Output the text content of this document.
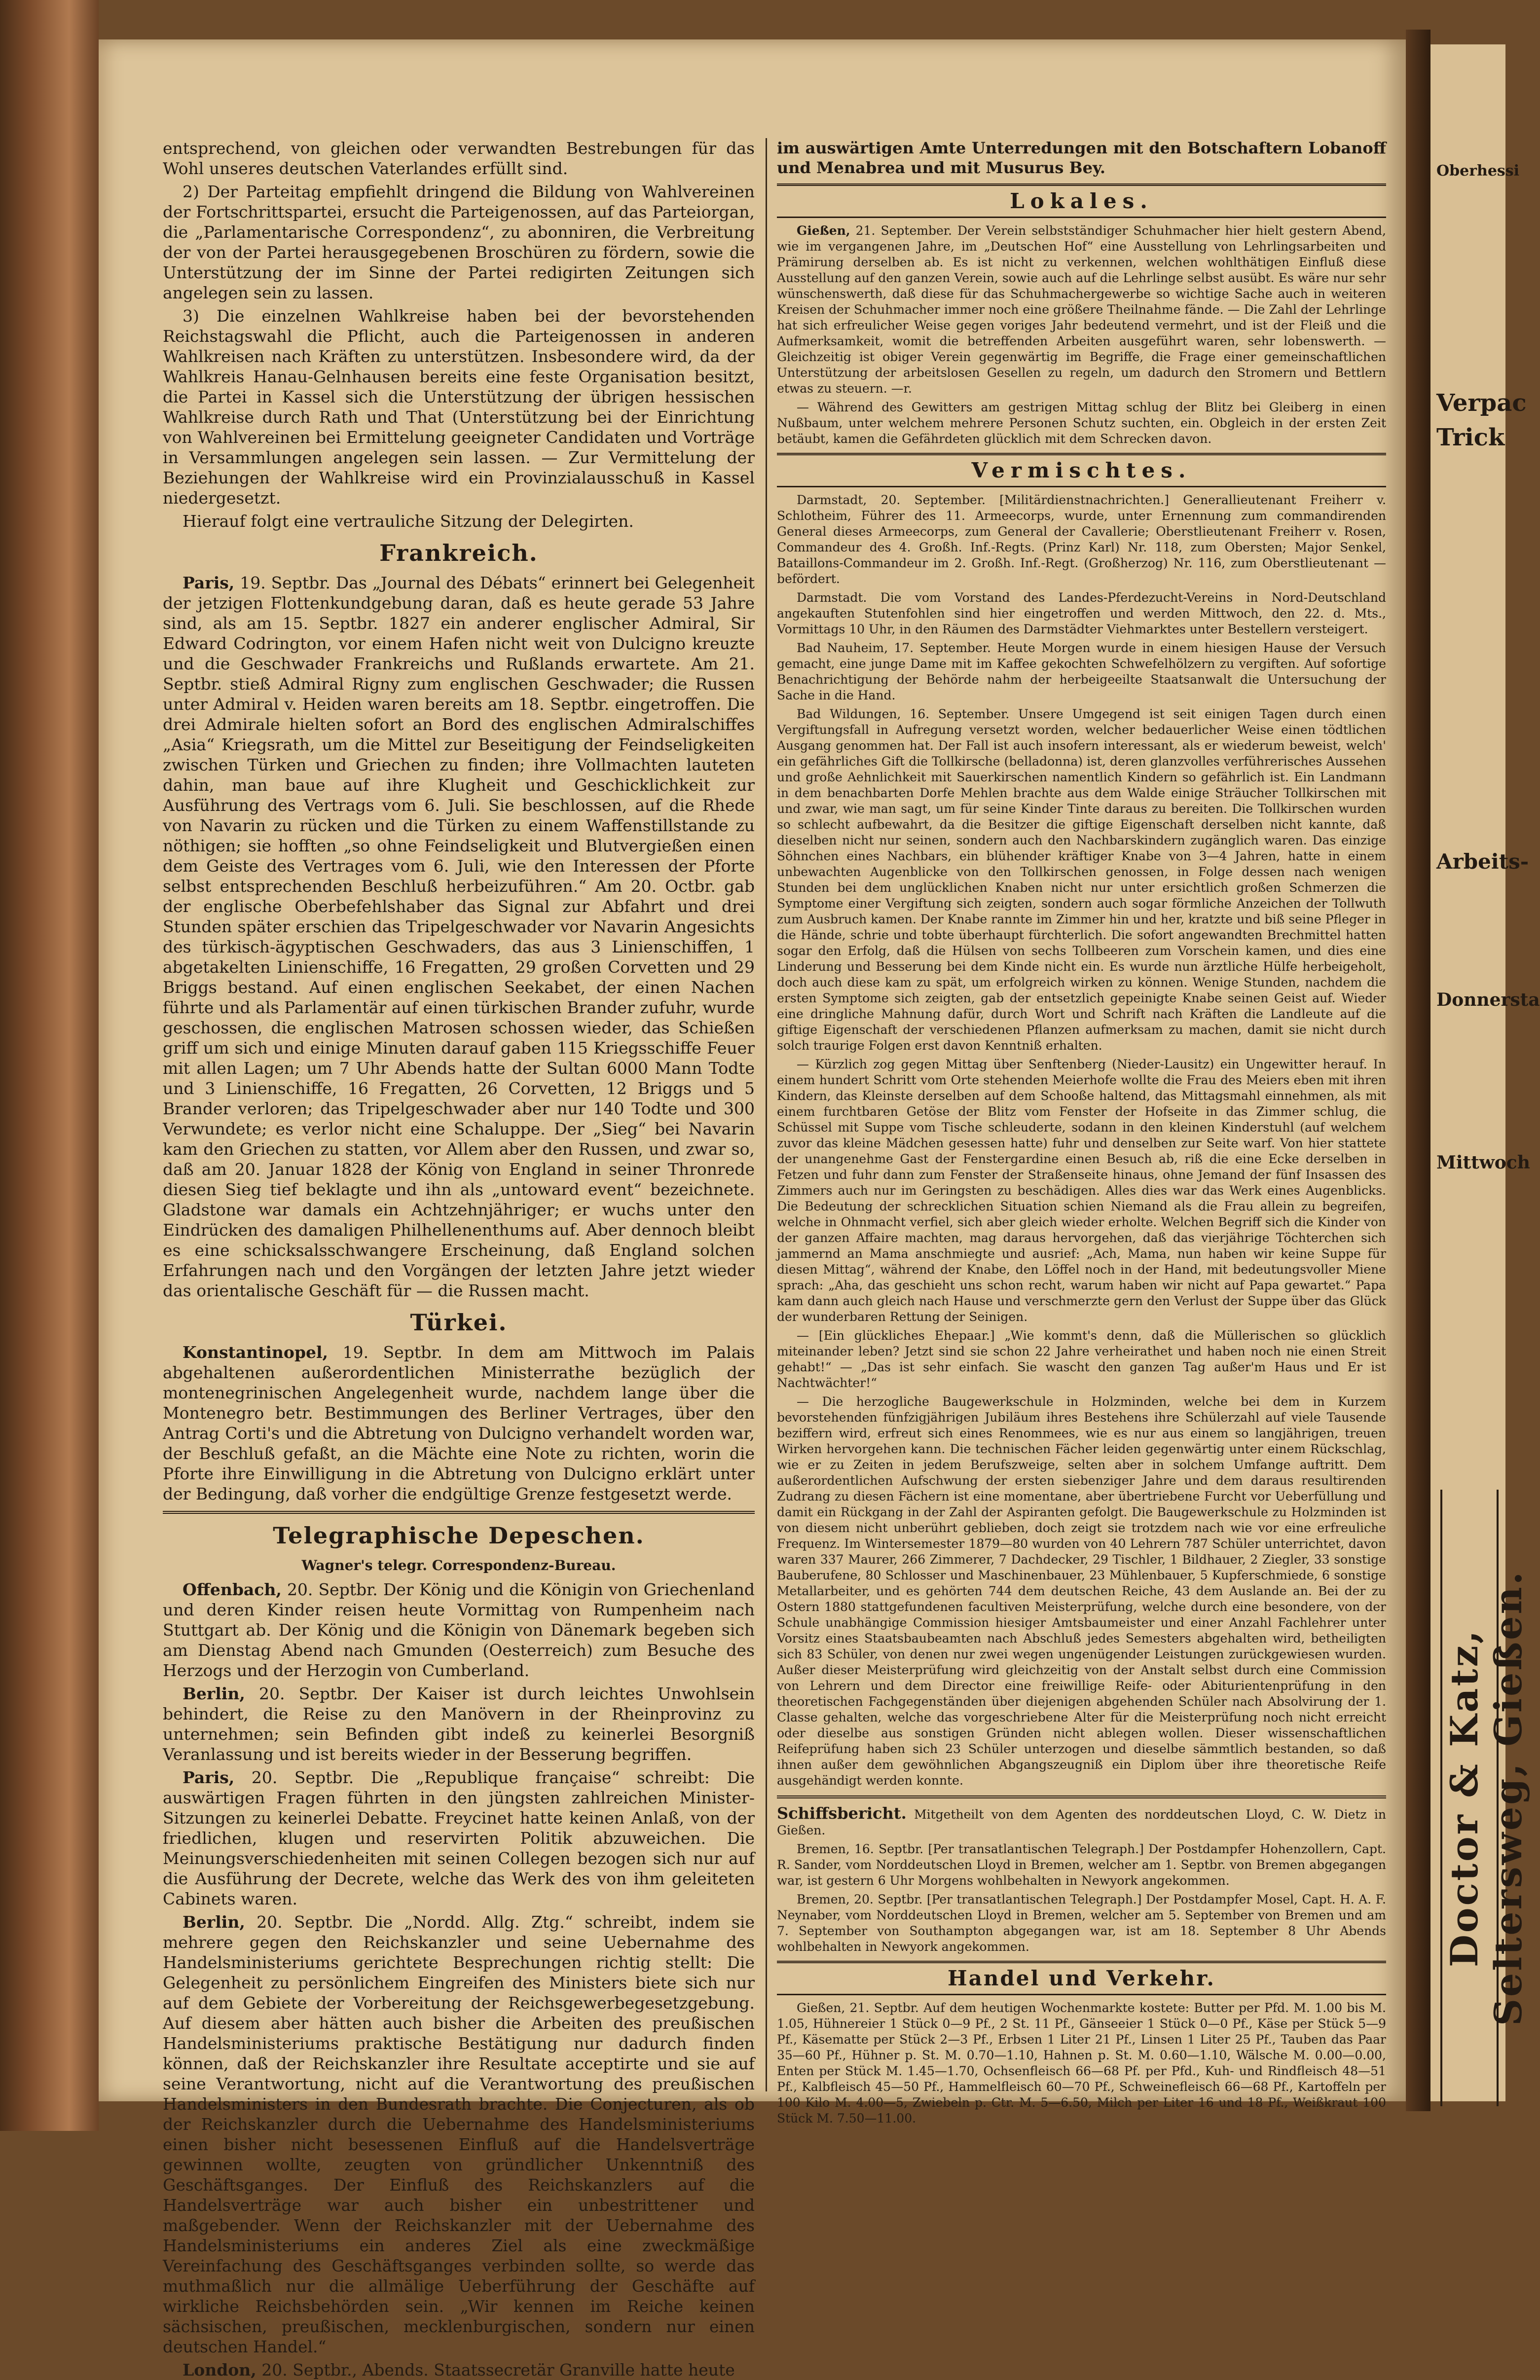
entsprechend, von gleichen oder verwandten Bestrebungen für das Wohl unseres deutschen Vaterlandes erfüllt sind.

2) Der Parteitag empfiehlt dringend die Bildung von Wahlvereinen der Fortschrittspartei, ersucht die Parteigenossen, auf das Parteiorgan, die „Parlamentarische Correspondenz“, zu abonniren, die Verbreitung der von der Partei herausgegebenen Broschüren zu fördern, sowie die Unterstützung der im Sinne der Partei redigirten Zeitungen sich angelegen sein zu lassen.

3) Die einzelnen Wahlkreise haben bei der bevorstehenden Reichstagswahl die Pflicht, auch die Parteigenossen in anderen Wahlkreisen nach Kräften zu unterstützen. Insbesondere wird, da der Wahlkreis Hanau-Gelnhausen bereits eine feste Organisation besitzt, die Partei in Kassel sich die Unterstützung der übrigen hessischen Wahlkreise durch Rath und That (Unterstützung bei der Einrichtung von Wahlvereinen bei Ermittelung geeigneter Candidaten und Vorträge in Versammlungen angelegen sein lassen. — Zur Vermittelung der Beziehungen der Wahlkreise wird ein Provinzialausschuß in Kassel niedergesetzt.

Hierauf folgt eine vertrauliche Sitzung der Delegirten.

Frankreich.

Paris, 19. Septbr. Das „Journal des Débats“ erinnert bei Gelegenheit der jetzigen Flottenkundgebung daran, daß es heute gerade 53 Jahre sind, als am 15. Septbr. 1827 ein anderer englischer Admiral, Sir Edward Codrington, vor einem Hafen nicht weit von Dulcigno kreuzte und die Geschwader Frankreichs und Rußlands erwartete. Am 21. Septbr. stieß Admiral Rigny zum englischen Geschwader; die Russen unter Admiral v. Heiden waren bereits am 18. Septbr. eingetroffen. Die drei Admirale hielten sofort an Bord des englischen Admiralschiffes „Asia“ Kriegsrath, um die Mittel zur Beseitigung der Feindseligkeiten zwischen Türken und Griechen zu finden; ihre Vollmachten lauteten dahin, man baue auf ihre Klugheit und Geschicklichkeit zur Ausführung des Vertrags vom 6. Juli. Sie beschlossen, auf die Rhede von Navarin zu rücken und die Türken zu einem Waffenstillstande zu nöthigen; sie hofften „so ohne Feindseligkeit und Blutvergießen einen dem Geiste des Vertrages vom 6. Juli, wie den Interessen der Pforte selbst entsprechenden Beschluß herbeizuführen.“ Am 20. Octbr. gab der englische Oberbefehlshaber das Signal zur Abfahrt und drei Stunden später erschien das Tripelgeschwader vor Navarin Angesichts des türkisch-ägyptischen Geschwaders, das aus 3 Linienschiffen, 1 abgetakelten Linienschiffe, 16 Fregatten, 29 großen Corvetten und 29 Briggs bestand. Auf einen englischen Seekabet, der einen Nachen führte und als Parlamentär auf einen türkischen Brander zufuhr, wurde geschossen, die englischen Matrosen schossen wieder, das Schießen griff um sich und einige Minuten darauf gaben 115 Kriegsschiffe Feuer mit allen Lagen; um 7 Uhr Abends hatte der Sultan 6000 Mann Todte und 3 Linienschiffe, 16 Fregatten, 26 Corvetten, 12 Briggs und 5 Brander verloren; das Tripelgeschwader aber nur 140 Todte und 300 Verwundete; es verlor nicht eine Schaluppe. Der „Sieg“ bei Navarin kam den Griechen zu statten, vor Allem aber den Russen, und zwar so, daß am 20. Januar 1828 der König von England in seiner Thronrede diesen Sieg tief beklagte und ihn als „untoward event“ bezeichnete. Gladstone war damals ein Achtzehnjähriger; er wuchs unter den Eindrücken des damaligen Philhellenenthums auf. Aber dennoch bleibt es eine schicksalsschwangere Erscheinung, daß England solchen Erfahrungen nach und den Vorgängen der letzten Jahre jetzt wieder das orientalische Geschäft für — die Russen macht.

Türkei.

Konstantinopel, 19. Septbr. In dem am Mittwoch im Palais abgehaltenen außerordentlichen Ministerrathe bezüglich der montenegrinischen Angelegenheit wurde, nachdem lange über die Montenegro betr. Bestimmungen des Berliner Vertrages, über den Antrag Corti's und die Abtretung von Dulcigno verhandelt worden war, der Beschluß gefaßt, an die Mächte eine Note zu richten, worin die Pforte ihre Einwilligung in die Abtretung von Dulcigno erklärt unter der Bedingung, daß vorher die endgültige Grenze festgesetzt werde.

Telegraphische Depeschen.
Wagner's telegr. Correspondenz-Bureau.

Offenbach, 20. Septbr. Der König und die Königin von Griechenland und deren Kinder reisen heute Vormittag von Rumpenheim nach Stuttgart ab. Der König und die Königin von Dänemark begeben sich am Dienstag Abend nach Gmunden (Oesterreich) zum Besuche des Herzogs und der Herzogin von Cumberland.

Berlin, 20. Septbr. Der Kaiser ist durch leichtes Unwohlsein behindert, die Reise zu den Manövern in der Rheinprovinz zu unternehmen; sein Befinden gibt indeß zu keinerlei Besorgniß Veranlassung und ist bereits wieder in der Besserung begriffen.

Paris, 20. Septbr. Die „Republique française“ schreibt: Die auswärtigen Fragen führten in den jüngsten zahlreichen Minister-Sitzungen zu keinerlei Debatte. Freycinet hatte keinen Anlaß, von der friedlichen, klugen und reservirten Politik abzuweichen. Die Meinungsverschiedenheiten mit seinen Collegen bezogen sich nur auf die Ausführung der Decrete, welche das Werk des von ihm geleiteten Cabinets waren.

Berlin, 20. Septbr. Die „Nordd. Allg. Ztg.“ schreibt, indem sie mehrere gegen den Reichskanzler und seine Uebernahme des Handelsministeriums gerichtete Besprechungen richtig stellt: Die Gelegenheit zu persönlichem Eingreifen des Ministers biete sich nur auf dem Gebiete der Vorbereitung der Reichsgewerbegesetzgebung. Auf diesem aber hätten auch bisher die Arbeiten des preußischen Handelsministeriums praktische Bestätigung nur dadurch finden können, daß der Reichskanzler ihre Resultate acceptirte und sie auf seine Verantwortung, nicht auf die Verantwortung des preußischen Handelsministers in den Bundesrath brachte. Die Conjecturen, als ob der Reichskanzler durch die Uebernahme des Handelsministeriums einen bisher nicht besessenen Einfluß auf die Handelsverträge gewinnen wollte, zeugten von gründlicher Unkenntniß des Geschäftsganges. Der Einfluß des Reichskanzlers auf die Handelsverträge war auch bisher ein unbestrittener und maßgebender. Wenn der Reichskanzler mit der Uebernahme des Handelsministeriums ein anderes Ziel als eine zweckmäßige Vereinfachung des Geschäftsganges verbinden sollte, so werde das muthmaßlich nur die allmälige Ueberführung der Geschäfte auf wirkliche Reichsbehörden sein. „Wir kennen im Reiche keinen sächsischen, preußischen, mecklenburgischen, sondern nur einen deutschen Handel.“

London, 20. Septbr., Abends. Staatssecretär Granville hatte heute

im auswärtigen Amte Unterredungen mit den Botschaftern Lobanoff und Menabrea und mit Musurus Bey.

Lokales.

Gießen, 21. September. Der Verein selbstständiger Schuhmacher hier hielt gestern Abend, wie im vergangenen Jahre, im „Deutschen Hof“ eine Ausstellung von Lehrlingsarbeiten und Prämirung derselben ab. Es ist nicht zu verkennen, welchen wohlthätigen Einfluß diese Ausstellung auf den ganzen Verein, sowie auch auf die Lehrlinge selbst ausübt. Es wäre nur sehr wünschenswerth, daß diese für das Schuhmachergewerbe so wichtige Sache auch in weiteren Kreisen der Schuhmacher immer noch eine größere Theilnahme fände. — Die Zahl der Lehrlinge hat sich erfreulicher Weise gegen voriges Jahr bedeutend vermehrt, und ist der Fleiß und die Aufmerksamkeit, womit die betreffenden Arbeiten ausgeführt waren, sehr lobenswerth. — Gleichzeitig ist obiger Verein gegenwärtig im Begriffe, die Frage einer gemeinschaftlichen Unterstützung der arbeitslosen Gesellen zu regeln, um dadurch den Stromern und Bettlern etwas zu steuern. —r.

— Während des Gewitters am gestrigen Mittag schlug der Blitz bei Gleiberg in einen Nußbaum, unter welchem mehrere Personen Schutz suchten, ein. Obgleich in der ersten Zeit betäubt, kamen die Gefährdeten glücklich mit dem Schrecken davon.

Vermischtes.

Darmstadt, 20. September. [Militärdienstnachrichten.] Generallieutenant Freiherr v. Schlotheim, Führer des 11. Armeecorps, wurde, unter Ernennung zum commandirenden General dieses Armeecorps, zum General der Cavallerie; Oberstlieutenant Freiherr v. Rosen, Commandeur des 4. Großh. Inf.-Regts. (Prinz Karl) Nr. 118, zum Obersten; Major Senkel, Bataillons-Commandeur im 2. Großh. Inf.-Regt. (Großherzog) Nr. 116, zum Oberstlieutenant — befördert.

Darmstadt. Die vom Vorstand des Landes-Pferdezucht-Vereins in Nord-Deutschland angekauften Stutenfohlen sind hier eingetroffen und werden Mittwoch, den 22. d. Mts., Vormittags 10 Uhr, in den Räumen des Darmstädter Viehmarktes unter Bestellern versteigert.

Bad Nauheim, 17. September. Heute Morgen wurde in einem hiesigen Hause der Versuch gemacht, eine junge Dame mit im Kaffee gekochten Schwefelhölzern zu vergiften. Auf sofortige Benachrichtigung der Behörde nahm der herbeigeeilte Staatsanwalt die Untersuchung der Sache in die Hand.

Bad Wildungen, 16. September. Unsere Umgegend ist seit einigen Tagen durch einen Vergiftungsfall in Aufregung versetzt worden, welcher bedauerlicher Weise einen tödtlichen Ausgang genommen hat. Der Fall ist auch insofern interessant, als er wiederum beweist, welch' ein gefährliches Gift die Tollkirsche (belladonna) ist, deren glanzvolles verführerisches Aussehen und große Aehnlichkeit mit Sauerkirschen namentlich Kindern so gefährlich ist. Ein Landmann in dem benachbarten Dorfe Mehlen brachte aus dem Walde einige Sträucher Tollkirschen mit und zwar, wie man sagt, um für seine Kinder Tinte daraus zu bereiten. Die Tollkirschen wurden so schlecht aufbewahrt, da die Besitzer die giftige Eigenschaft derselben nicht kannte, daß dieselben nicht nur seinen, sondern auch den Nachbarskindern zugänglich waren. Das einzige Söhnchen eines Nachbars, ein blühender kräftiger Knabe von 3—4 Jahren, hatte in einem unbewachten Augenblicke von den Tollkirschen genossen, in Folge dessen nach wenigen Stunden bei dem unglücklichen Knaben nicht nur unter ersichtlich großen Schmerzen die Symptome einer Vergiftung sich zeigten, sondern auch sogar förmliche Anzeichen der Tollwuth zum Ausbruch kamen. Der Knabe rannte im Zimmer hin und her, kratzte und biß seine Pfleger in die Hände, schrie und tobte überhaupt fürchterlich. Die sofort angewandten Brechmittel hatten sogar den Erfolg, daß die Hülsen von sechs Tollbeeren zum Vorschein kamen, und dies eine Linderung und Besserung bei dem Kinde nicht ein. Es wurde nun ärztliche Hülfe herbeigeholt, doch auch diese kam zu spät, um erfolgreich wirken zu können. Wenige Stunden, nachdem die ersten Symptome sich zeigten, gab der entsetzlich gepeinigte Knabe seinen Geist auf. Wieder eine dringliche Mahnung dafür, durch Wort und Schrift nach Kräften die Landleute auf die giftige Eigenschaft der verschiedenen Pflanzen aufmerksam zu machen, damit sie nicht durch solch traurige Folgen erst davon Kenntniß erhalten.

— Kürzlich zog gegen Mittag über Senftenberg (Nieder-Lausitz) ein Ungewitter herauf. In einem hundert Schritt vom Orte stehenden Meierhofe wollte die Frau des Meiers eben mit ihren Kindern, das Kleinste derselben auf dem Schooße haltend, das Mittagsmahl einnehmen, als mit einem furchtbaren Getöse der Blitz vom Fenster der Hofseite in das Zimmer schlug, die Schüssel mit Suppe vom Tische schleuderte, sodann in den kleinen Kinderstuhl (auf welchem zuvor das kleine Mädchen gesessen hatte) fuhr und denselben zur Seite warf. Von hier stattete der unangenehme Gast der Fenstergardine einen Besuch ab, riß die eine Ecke derselben in Fetzen und fuhr dann zum Fenster der Straßenseite hinaus, ohne Jemand der fünf Insassen des Zimmers auch nur im Geringsten zu beschädigen. Alles dies war das Werk eines Augenblicks. Die Bedeutung der schrecklichen Situation schien Niemand als die Frau allein zu begreifen, welche in Ohnmacht verfiel, sich aber gleich wieder erholte. Welchen Begriff sich die Kinder von der ganzen Affaire machten, mag daraus hervorgehen, daß das vierjährige Töchterchen sich jammernd an Mama anschmiegte und ausrief: „Ach, Mama, nun haben wir keine Suppe für diesen Mittag“, während der Knabe, den Löffel noch in der Hand, mit bedeutungsvoller Miene sprach: „Aha, das geschieht uns schon recht, warum haben wir nicht auf Papa gewartet.“ Papa kam dann auch gleich nach Hause und verschmerzte gern den Verlust der Suppe über das Glück der wunderbaren Rettung der Seinigen.

— [Ein glückliches Ehepaar.] „Wie kommt's denn, daß die Müllerischen so glücklich miteinander leben? Jetzt sind sie schon 22 Jahre verheirathet und haben noch nie einen Streit gehabt!“ — „Das ist sehr einfach. Sie wascht den ganzen Tag außer'm Haus und Er ist Nachtwächter!“

— Die herzogliche Baugewerkschule in Holzminden, welche bei dem in Kurzem bevorstehenden fünfzigjährigen Jubiläum ihres Bestehens ihre Schülerzahl auf viele Tausende beziffern wird, erfreut sich eines Renommees, wie es nur aus einem so langjährigen, treuen Wirken hervorgehen kann. Die technischen Fächer leiden gegenwärtig unter einem Rückschlag, wie er zu Zeiten in jedem Berufszweige, selten aber in solchem Umfange auftritt. Dem außerordentlichen Aufschwung der ersten siebenziger Jahre und dem daraus resultirenden Zudrang zu diesen Fächern ist eine momentane, aber übertriebene Furcht vor Ueberfüllung und damit ein Rückgang in der Zahl der Aspiranten gefolgt. Die Baugewerkschule zu Holzminden ist von diesem nicht unberührt geblieben, doch zeigt sie trotzdem nach wie vor eine erfreuliche Frequenz. Im Wintersemester 1879—80 wurden von 40 Lehrern 787 Schüler unterrichtet, davon waren 337 Maurer, 266 Zimmerer, 7 Dachdecker, 29 Tischler, 1 Bildhauer, 2 Ziegler, 33 sonstige Bauberufene, 80 Schlosser und Maschinenbauer, 23 Mühlenbauer, 5 Kupferschmiede, 6 sonstige Metallarbeiter, und es gehörten 744 dem deutschen Reiche, 43 dem Auslande an. Bei der zu Ostern 1880 stattgefundenen facultiven Meisterprüfung, welche durch eine besondere, von der Schule unabhängige Commission hiesiger Amtsbaumeister und einer Anzahl Fachlehrer unter Vorsitz eines Staatsbaubeamten nach Abschluß jedes Semesters abgehalten wird, betheiligten sich 83 Schüler, von denen nur zwei wegen ungenügender Leistungen zurückgewiesen wurden. Außer dieser Meisterprüfung wird gleichzeitig von der Anstalt selbst durch eine Commission von Lehrern und dem Director eine freiwillige Reife- oder Abiturientenprüfung in den theoretischen Fachgegenständen über diejenigen abgehenden Schüler nach Absolvirung der 1. Classe gehalten, welche das vorgeschriebene Alter für die Meisterprüfung noch nicht erreicht oder dieselbe aus sonstigen Gründen nicht ablegen wollen. Dieser wissenschaftlichen Reifeprüfung haben sich 23 Schüler unterzogen und dieselbe sämmtlich bestanden, so daß ihnen außer dem gewöhnlichen Abgangszeugniß ein Diplom über ihre theoretische Reife ausgehändigt werden konnte.

Schiffsbericht. Mitgetheilt von dem Agenten des norddeutschen Lloyd, C. W. Dietz in Gießen.

Bremen, 16. Septbr. [Per transatlantischen Telegraph.] Der Postdampfer Hohenzollern, Capt. R. Sander, vom Norddeutschen Lloyd in Bremen, welcher am 1. Septbr. von Bremen abgegangen war, ist gestern 6 Uhr Morgens wohlbehalten in Newyork angekommen.

Bremen, 20. Septbr. [Per transatlantischen Telegraph.] Der Postdampfer Mosel, Capt. H. A. F. Neynaber, vom Norddeutschen Lloyd in Bremen, welcher am 5. September von Bremen und am 7. September von Southampton abgegangen war, ist am 18. September 8 Uhr Abends wohlbehalten in Newyork angekommen.

Handel und Verkehr.

Gießen, 21. Septbr. Auf dem heutigen Wochenmarkte kostete: Butter per Pfd. M. 1.00 bis M. 1.05, Hühnereier 1 Stück 0—9 Pf., 2 St. 11 Pf., Gänseeier 1 Stück 0—0 Pf., Käse per Stück 5—9 Pf., Käsematte per Stück 2—3 Pf., Erbsen 1 Liter 21 Pf., Linsen 1 Liter 25 Pf., Tauben das Paar 35—60 Pf., Hühner p. St. M. 0.70—1.10, Hahnen p. St. M. 0.60—1.10, Wälsche M. 0.00—0.00, Enten per Stück M. 1.45—1.70, Ochsenfleisch 66—68 Pf. per Pfd., Kuh- und Rindfleisch 48—51 Pf., Kalbfleisch 45—50 Pf., Hammelfleisch 60—70 Pf., Schweinefleisch 66—68 Pf., Kartoffeln per 100 Kilo M. 4.00—5, Zwiebeln p. Ctr. M. 5—6.50, Milch per Liter 16 und 18 Pf., Weißkraut 100 Stück M. 7.50—11.00.

Oberhessi
Verpac
Trick
Arbeits-
Donnersta
Mittwoch
Doctor & Katz, Seltersweg, Gießen.
